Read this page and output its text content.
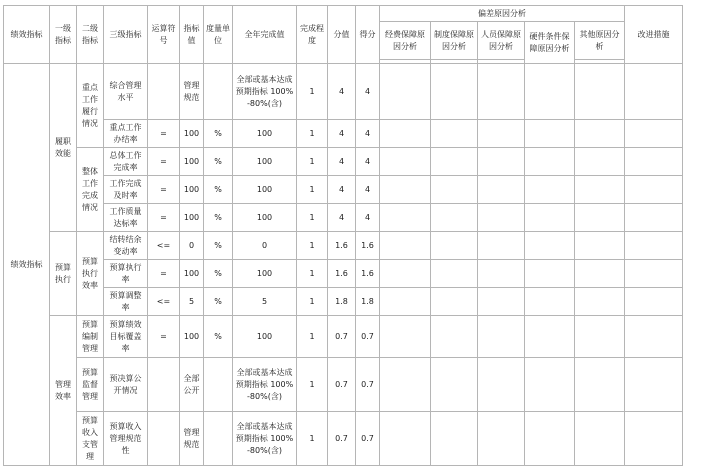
绩效指标	一级指标	二级指标	三级指标	运算符号	指标值	度量单位	全年完成值	完成程度	分值	得分	偏差原因分析					改进措施
											经费保障原因分析	制度保障原因分析	人员保障原因分析	硬件条件保障原因分析	其他原因分析	

绩效指标	履职效能	重点工作履行情况	综合管理水平		管理规范		全部或基本达成预期指标 100%-80%(含)	1	4	4						
			重点工作办结率	=	100	%	100	1	4	4						
		整体工作完成情况	总体工作完成率	=	100	%	100	1	4	4						
			工作完成及时率	=	100	%	100	1	4	4						
			工作质量达标率	=	100	%	100	1	4	4						
	预算执行	预算执行效率	结转结余变动率	<=	0	%	0	1	1.6	1.6						
			预算执行率	=	100	%	100	1	1.6	1.6						
			预算调整率	<=	5	%	5	1	1.8	1.8						
	管理效率	预算编制管理	预算绩效目标覆盖率	=	100	%	100	1	0.7	0.7						
		预算监督管理	预决算公开情况		全部公开		全部或基本达成预期指标 100%-80%(含)	1	0.7	0.7						
		预算收入支管理	预算收入管理规范性		管理规范		全部或基本达成预期指标 100%-80%(含)	1	0.7	0.7						
